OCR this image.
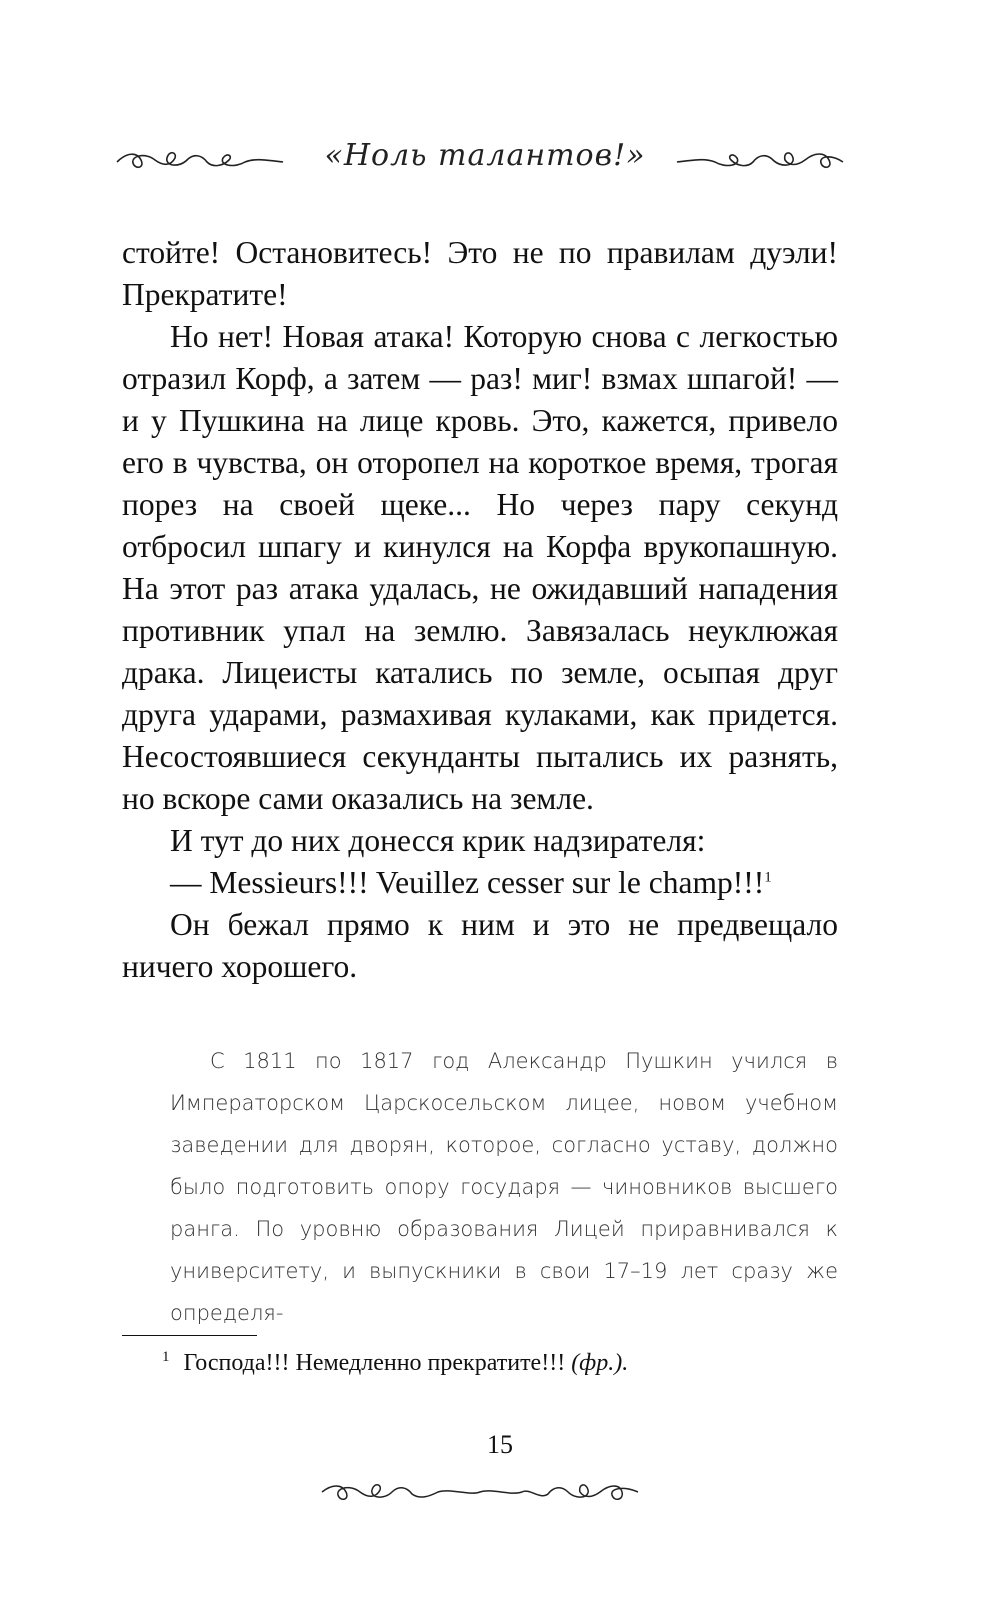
«Ноль талантов!»

стойте! Остановитесь! Это не по правилам дуэли! Прекратите!

Но нет! Новая атака! Которую снова с легкостью отразил Корф, а затем — раз! миг! взмах шпагой! — и у Пушкина на лице кровь. Это, кажется, привело его в чувства, он оторопел на короткое время, трогая порез на своей щеке... Но через пару секунд отбросил шпагу и кинулся на Корфа врукопашную. На этот раз атака удалась, не ожидавший нападения противник упал на землю. Завязалась неуклюжая драка. Лицеисты катались по земле, осыпая друг друга ударами, размахивая кулаками, как придется. Несостоявшиеся секунданты пытались их разнять, но вскоре сами оказались на земле.

И тут до них донесся крик надзирателя:

— Messieurs!!! Veuillez cesser sur le champ!!!$^1$

Он бежал прямо к ним и это не предвещало ничего хорошего.

С 1811 по 1817 год Александр Пушкин учился в Императорском Царскосельском лицее, новом учебном заведении для дворян, которое, согласно уставу, должно было подготовить опору государя — чиновников высшего ранга. По уровню образования Лицей приравнивался к университету, и выпускники в свои 17–19 лет сразу же определя-

$^1$ Господа!!! Немедленно прекратите!!! (фр.).
15
